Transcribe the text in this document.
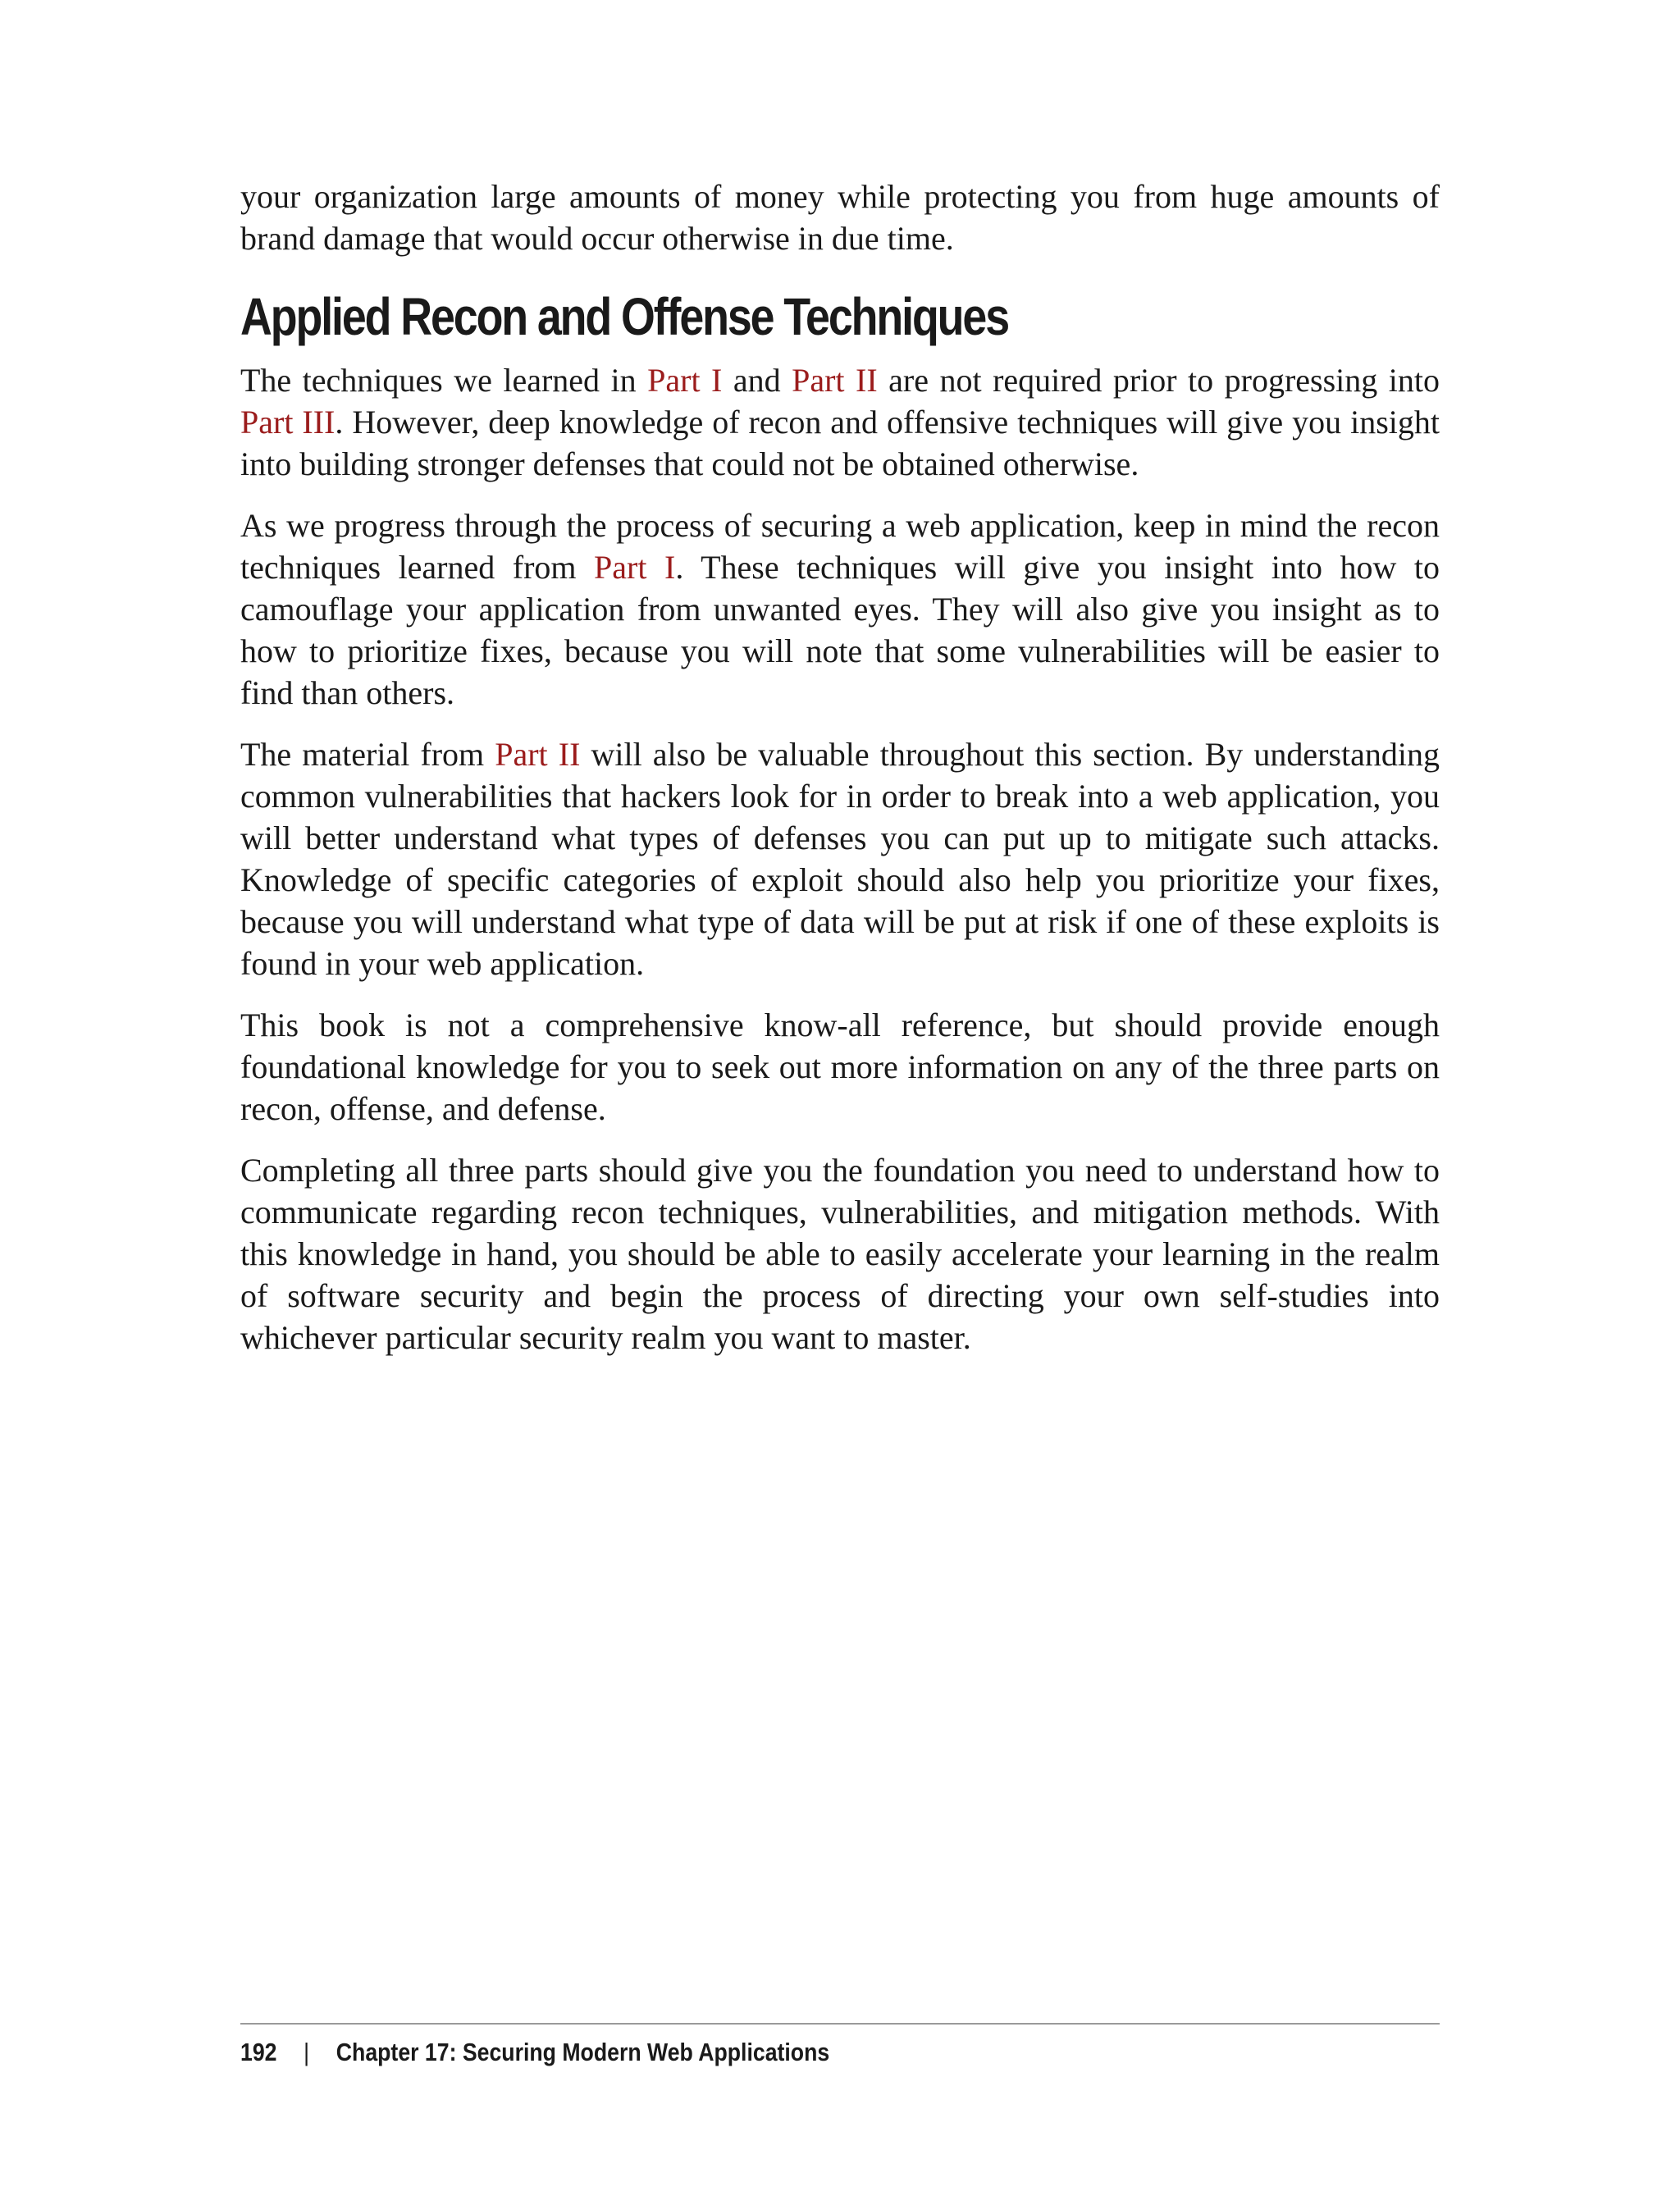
your organization large amounts of money while protecting you from huge amounts of brand damage that would occur otherwise in due time.

Applied Recon and Offense Techniques

The techniques we learned in Part I and Part II are not required prior to progressing into Part III. However, deep knowledge of recon and offensive techniques will give you insight into building stronger defenses that could not be obtained otherwise.

As we progress through the process of securing a web application, keep in mind the recon techniques learned from Part I. These techniques will give you insight into how to camouflage your application from unwanted eyes. They will also give you insight as to how to prioritize fixes, because you will note that some vulnerabilities will be easier to find than others.

The material from Part II will also be valuable throughout this section. By understanding common vulnerabilities that hackers look for in order to break into a web application, you will better understand what types of defenses you can put up to mitigate such attacks. Knowledge of specific categories of exploit should also help you prioritize your fixes, because you will understand what type of data will be put at risk if one of these exploits is found in your web application.

This book is not a comprehensive know-all reference, but should provide enough foundational knowledge for you to seek out more information on any of the three parts on recon, offense, and defense.

Completing all three parts should give you the foundation you need to understand how to communicate regarding recon techniques, vulnerabilities, and mitigation methods. With this knowledge in hand, you should be able to easily accelerate your learning in the realm of software security and begin the process of directing your own self-studies into whichever particular security realm you want to master.

192 | Chapter 17: Securing Modern Web Applications
